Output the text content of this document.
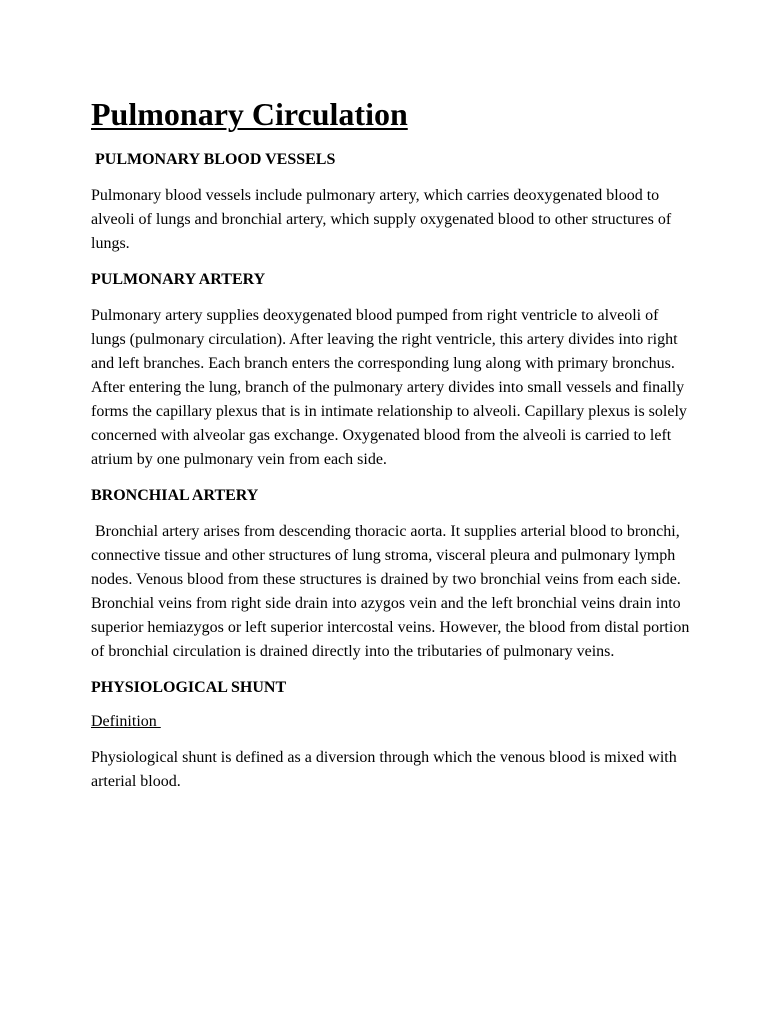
Pulmonary Circulation
PULMONARY BLOOD VESSELS

Pulmonary blood vessels include pulmonary artery, which carries deoxygenated blood to alveoli of lungs and bronchial artery, which supply oxygenated blood to other structures of lungs.

PULMONARY ARTERY

Pulmonary artery supplies deoxygenated blood pumped from right ventricle to alveoli of lungs (pulmonary circulation). After leaving the right ventricle, this artery divides into right and left branches. Each branch enters the corresponding lung along with primary bronchus. After entering the lung, branch of the pulmonary artery divides into small vessels and finally forms the capillary plexus that is in intimate relationship to alveoli. Capillary plexus is solely concerned with alveolar gas exchange. Oxygenated blood from the alveoli is carried to left atrium by one pulmonary vein from each side.

BRONCHIAL ARTERY

Bronchial artery arises from descending thoracic aorta. It supplies arterial blood to bronchi, connective tissue and other structures of lung stroma, visceral pleura and pulmonary lymph nodes. Venous blood from these structures is drained by two bronchial veins from each side. Bronchial veins from right side drain into azygos vein and the left bronchial veins drain into superior hemiazygos or left superior intercostal veins. However, the blood from distal portion of bronchial circulation is drained directly into the tributaries of pulmonary veins.

PHYSIOLOGICAL SHUNT
Definition

Physiological shunt is defined as a diversion through which the venous blood is mixed with arterial blood.
